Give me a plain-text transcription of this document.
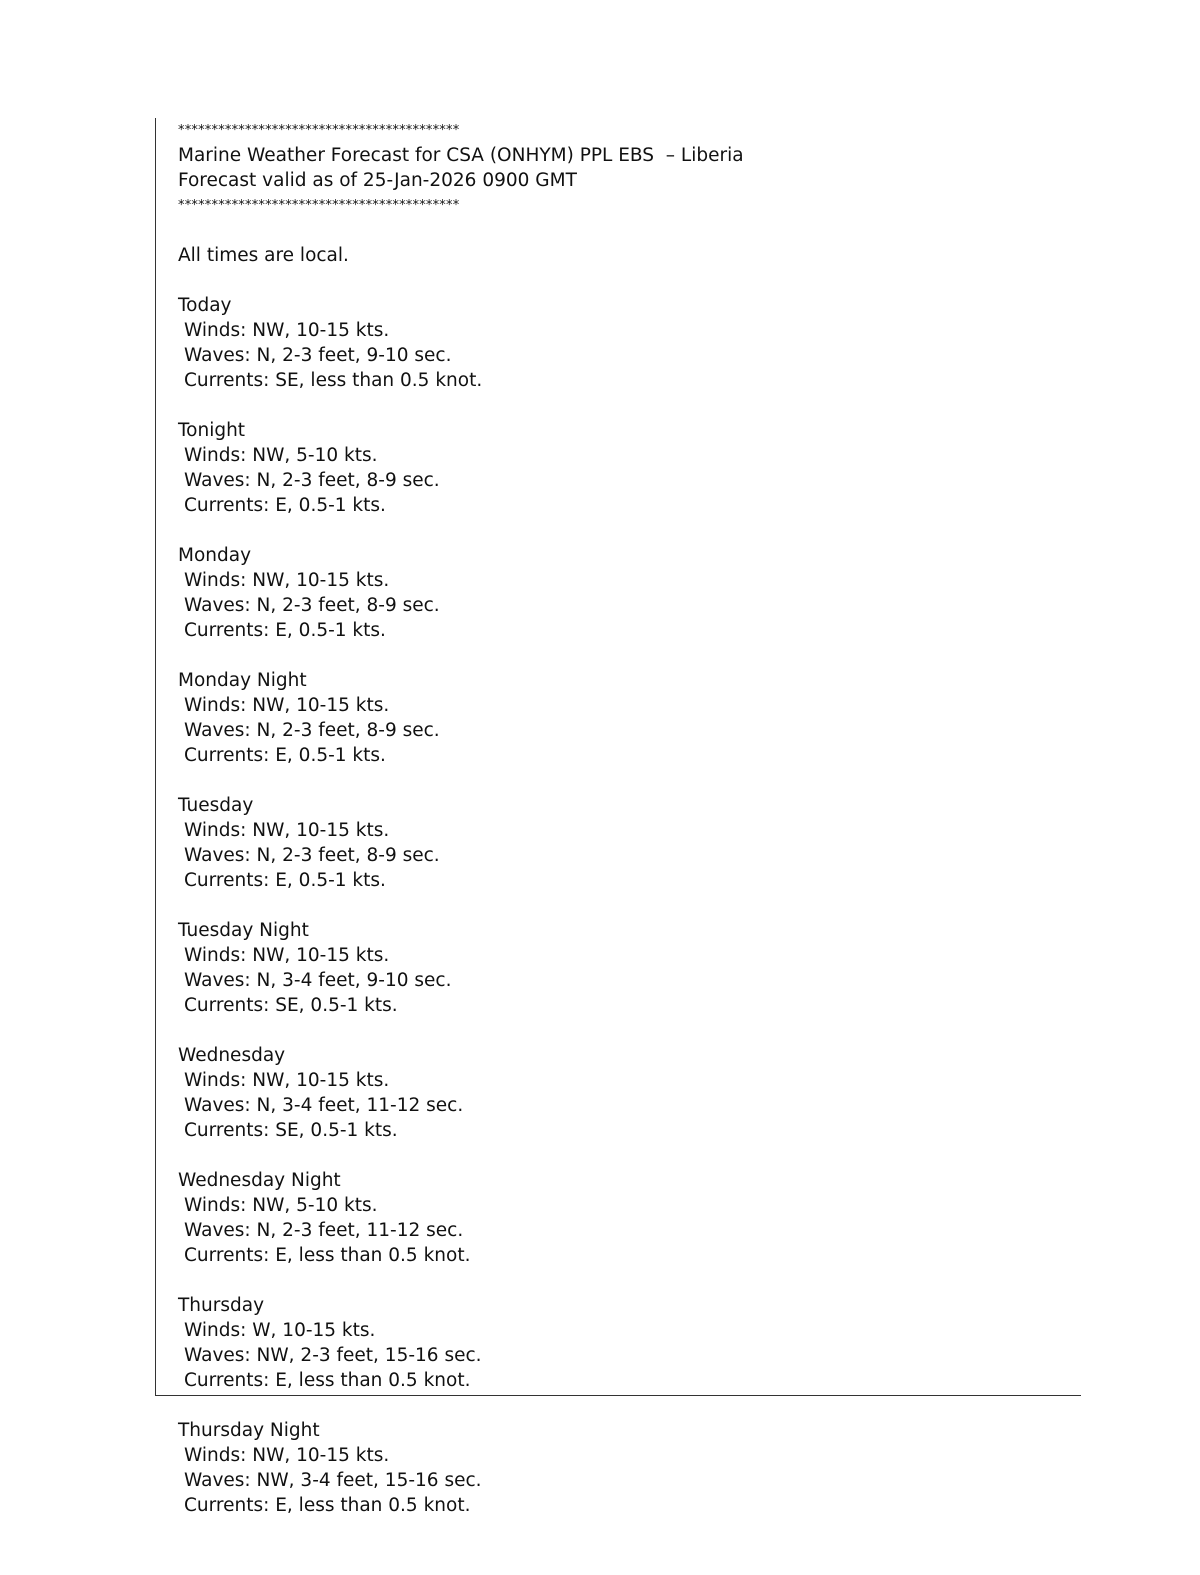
******************************************
Marine Weather Forecast for CSA (ONHYM) PPL EBS  – Liberia
Forecast valid as of 25-Jan-2026 0900 GMT
******************************************
All times are local.
Today
Winds: NW, 10-15 kts.
Waves: N, 2-3 feet, 9-10 sec.
Currents: SE, less than 0.5 knot.
Tonight
Winds: NW, 5-10 kts.
Waves: N, 2-3 feet, 8-9 sec.
Currents: E, 0.5-1 kts.
Monday
Winds: NW, 10-15 kts.
Waves: N, 2-3 feet, 8-9 sec.
Currents: E, 0.5-1 kts.
Monday Night
Winds: NW, 10-15 kts.
Waves: N, 2-3 feet, 8-9 sec.
Currents: E, 0.5-1 kts.
Tuesday
Winds: NW, 10-15 kts.
Waves: N, 2-3 feet, 8-9 sec.
Currents: E, 0.5-1 kts.
Tuesday Night
Winds: NW, 10-15 kts.
Waves: N, 3-4 feet, 9-10 sec.
Currents: SE, 0.5-1 kts.
Wednesday
Winds: NW, 10-15 kts.
Waves: N, 3-4 feet, 11-12 sec.
Currents: SE, 0.5-1 kts.
Wednesday Night
Winds: NW, 5-10 kts.
Waves: N, 2-3 feet, 11-12 sec.
Currents: E, less than 0.5 knot.
Thursday
Winds: W, 10-15 kts.
Waves: NW, 2-3 feet, 15-16 sec.
Currents: E, less than 0.5 knot.
Thursday Night
Winds: NW, 10-15 kts.
Waves: NW, 3-4 feet, 15-16 sec.
Currents: E, less than 0.5 knot.
